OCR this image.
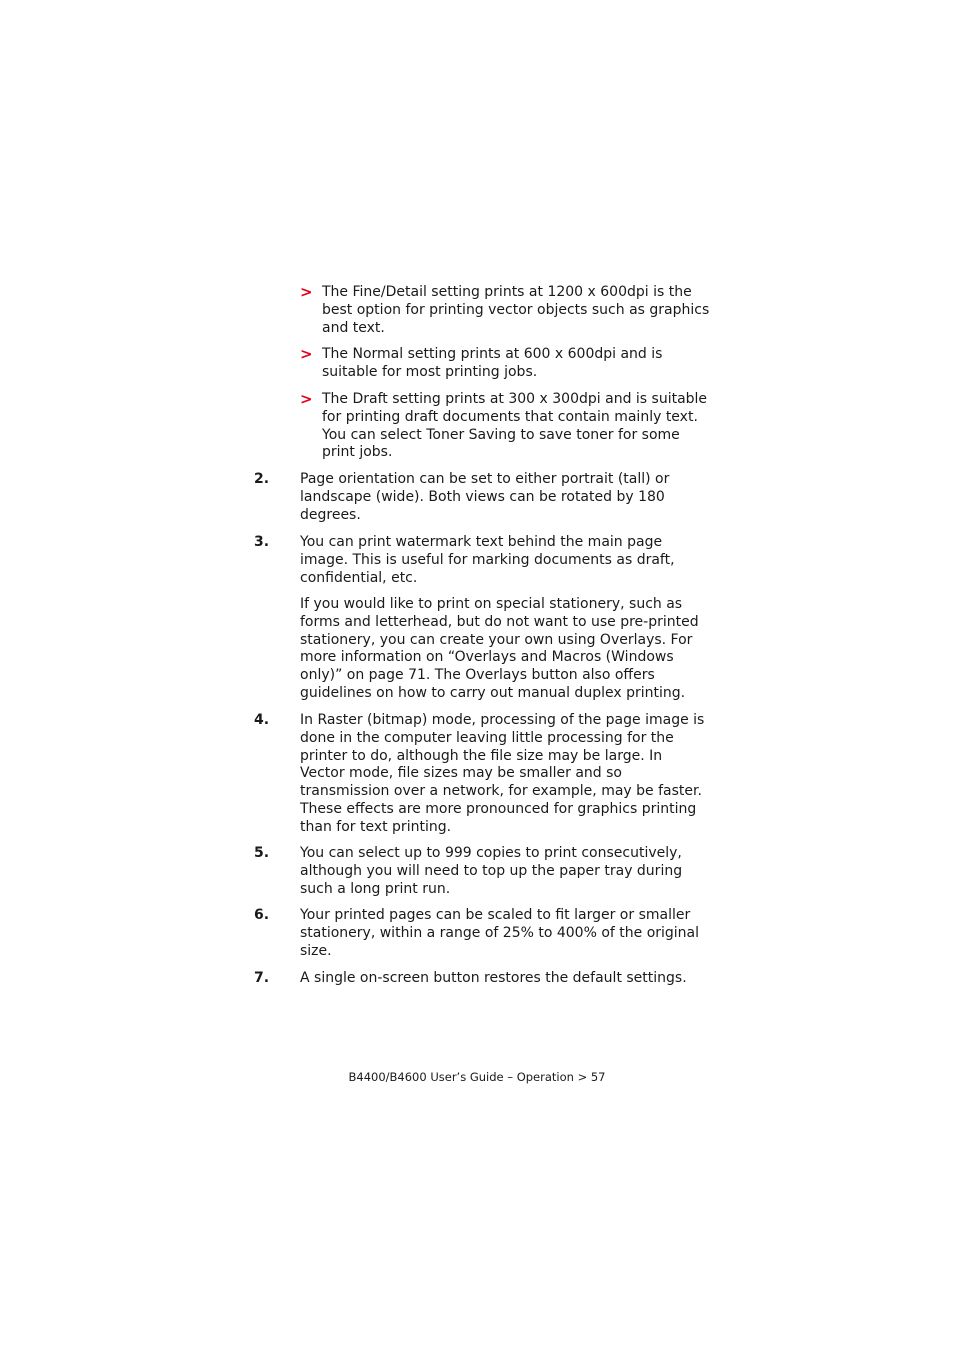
> The Fine/Detail setting prints at 1200 x 600dpi is the
best option for printing vector objects such as graphics
and text.

> The Normal setting prints at 600 x 600dpi and is
suitable for most printing jobs.

> The Draft setting prints at 300 x 300dpi and is suitable
for printing draft documents that contain mainly text.
You can select Toner Saving to save toner for some
print jobs.

2. Page orientation can be set to either portrait (tall) or
landscape (wide). Both views can be rotated by 180
degrees.

3. You can print watermark text behind the main page
image. This is useful for marking documents as draft,
confidential, etc.

If you would like to print on special stationery, such as
forms and letterhead, but do not want to use pre-printed
stationery, you can create your own using Overlays. For
more information on “Overlays and Macros (Windows
only)” on page 71. The Overlays button also offers
guidelines on how to carry out manual duplex printing.

4. In Raster (bitmap) mode, processing of the page image is
done in the computer leaving little processing for the
printer to do, although the file size may be large. In
Vector mode, file sizes may be smaller and so
transmission over a network, for example, may be faster.
These effects are more pronounced for graphics printing
than for text printing.

5. You can select up to 999 copies to print consecutively,
although you will need to top up the paper tray during
such a long print run.

6. Your printed pages can be scaled to fit larger or smaller
stationery, within a range of 25% to 400% of the original
size.

7. A single on-screen button restores the default settings.

B4400/B4600 User’s Guide – Operation > 57
